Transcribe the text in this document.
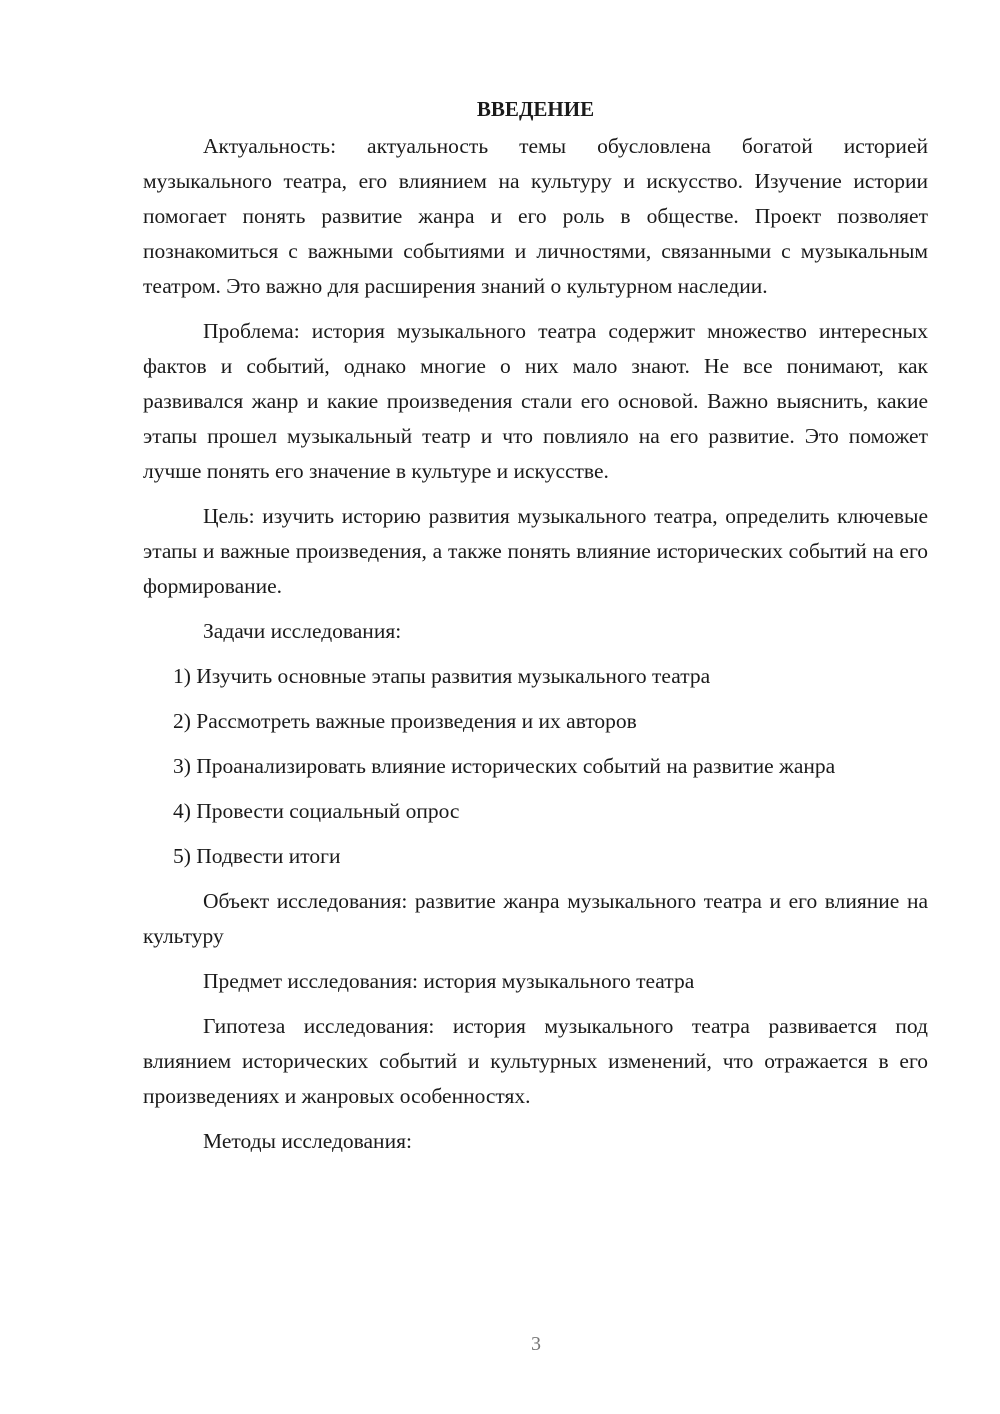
ВВЕДЕНИЕ

Актуальность: актуальность темы обусловлена богатой историей музыкального театра, его влиянием на культуру и искусство. Изучение истории помогает понять развитие жанра и его роль в обществе. Проект позволяет познакомиться с важными событиями и личностями, связанными с музыкальным театром. Это важно для расширения знаний о культурном наследии.

Проблема: история музыкального театра содержит множество интересных фактов и событий, однако многие о них мало знают. Не все понимают, как развивался жанр и какие произведения стали его основой. Важно выяснить, какие этапы прошел музыкальный театр и что повлияло на его развитие. Это поможет лучше понять его значение в культуре и искусстве.

Цель: изучить историю развития музыкального театра, определить ключевые этапы и важные произведения, а также понять влияние исторических событий на его формирование.

Задачи исследования:

1) Изучить основные этапы развития музыкального театра

2) Рассмотреть важные произведения и их авторов

3) Проанализировать влияние исторических событий на развитие жанра

4) Провести социальный опрос

5) Подвести итоги

Объект исследования: развитие жанра музыкального театра и его влияние на культуру

Предмет исследования: история музыкального театра

Гипотеза исследования: история музыкального театра развивается под влиянием исторических событий и культурных изменений, что отражается в его произведениях и жанровых особенностях.

Методы исследования:

3
